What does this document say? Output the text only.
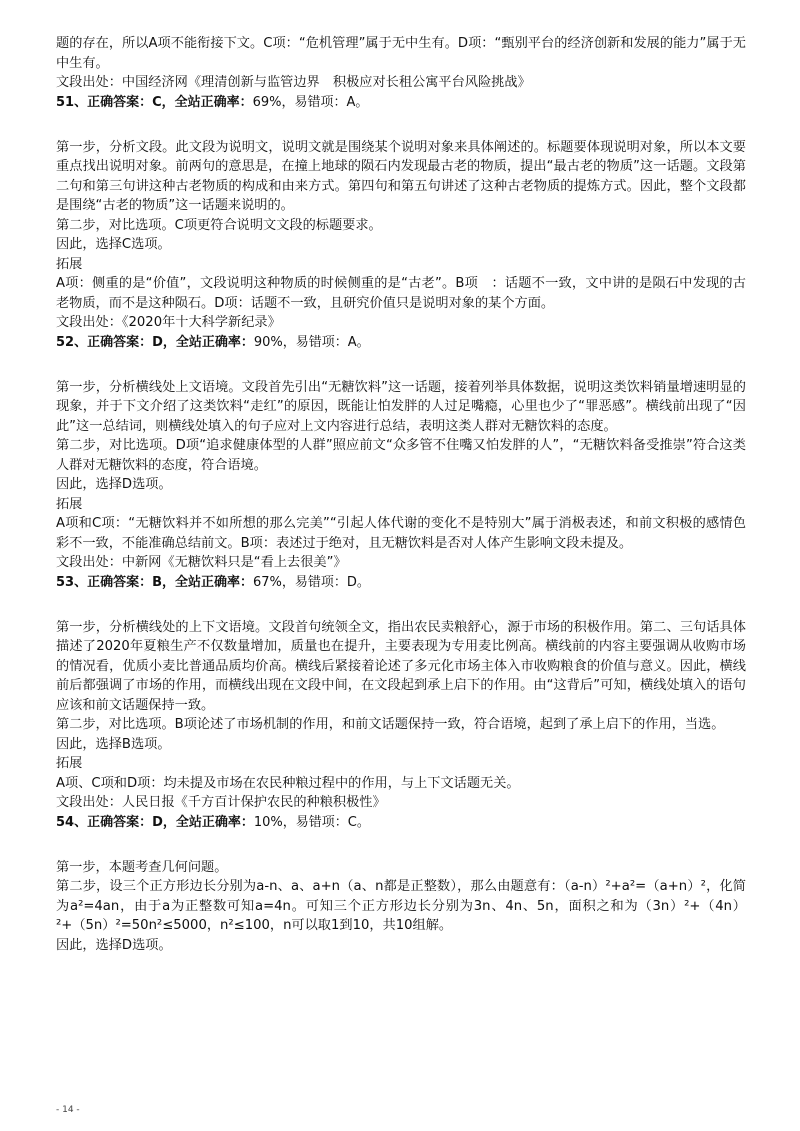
题的存在，所以A项不能衔接下文。C项：“危机管理”属于无中生有。D项：“甄别平台的经济创新和发展的能力”属于无中生有。

文段出处：中国经济网《理清创新与监管边界　积极应对长租公寓平台风险挑战》

51、正确答案：C，全站正确率：69%，易错项：A。

第一步，分析文段。此文段为说明文，说明文就是围绕某个说明对象来具体阐述的。标题要体现说明对象，所以本文要重点找出说明对象。前两句的意思是，在撞上地球的陨石内发现最古老的物质，提出“最古老的物质”这一话题。文段第二句和第三句讲这种古老物质的构成和由来方式。第四句和第五句讲述了这种古老物质的提炼方式。因此，整个文段都是围绕“古老的物质”这一话题来说明的。

第二步，对比选项。C项更符合说明文文段的标题要求。

因此，选择C选项。

拓展

A项：侧重的是“价值”，文段说明这种物质的时候侧重的是“古老”。B项　：话题不一致，文中讲的是陨石中发现的古老物质，而不是这种陨石。D项：话题不一致，且研究价值只是说明对象的某个方面。

文段出处：《2020年十大科学新纪录》

52、正确答案：D，全站正确率：90%，易错项：A。

第一步，分析横线处上文语境。文段首先引出“无糖饮料”这一话题，接着列举具体数据，说明这类饮料销量增速明显的现象，并于下文介绍了这类饮料“走红”的原因，既能让怕发胖的人过足嘴瘾，心里也少了“罪恶感”。横线前出现了“因此”这一总结词，则横线处填入的句子应对上文内容进行总结，表明这类人群对无糖饮料的态度。

第二步，对比选项。D项“追求健康体型的人群”照应前文“众多管不住嘴又怕发胖的人”，“无糖饮料备受推崇”符合这类人群对无糖饮料的态度，符合语境。

因此，选择D选项。

拓展

A项和C项：“无糖饮料并不如所想的那么完美”“引起人体代谢的变化不是特别大”属于消极表述，和前文积极的感情色彩不一致，不能准确总结前文。B项：表述过于绝对，且无糖饮料是否对人体产生影响文段未提及。

文段出处：中新网《无糖饮料只是“看上去很美”》

53、正确答案：B，全站正确率：67%，易错项：D。

第一步，分析横线处的上下文语境。文段首句统领全文，指出农民卖粮舒心，源于市场的积极作用。第二、三句话具体描述了2020年夏粮生产不仅数量增加，质量也在提升，主要表现为专用麦比例高。横线前的内容主要强调从收购市场的情况看，优质小麦比普通品质均价高。横线后紧接着论述了多元化市场主体入市收购粮食的价值与意义。因此，横线前后都强调了市场的作用，而横线出现在文段中间，在文段起到承上启下的作用。由“这背后”可知，横线处填入的语句应该和前文话题保持一致。

第二步，对比选项。B项论述了市场机制的作用，和前文话题保持一致，符合语境，起到了承上启下的作用，当选。

因此，选择B选项。

拓展

A项、C项和D项：均未提及市场在农民种粮过程中的作用，与上下文话题无关。

文段出处：人民日报《千方百计保护农民的种粮积极性》

54、正确答案：D，全站正确率：10%，易错项：C。

第一步，本题考查几何问题。

第二步，设三个正方形边长分别为a-n、a、a+n（a、n都是正整数），那么由题意有：（a-n）²+a²=（a+n）²，化简为a²=4an，由于a为正整数可知a=4n。可知三个正方形边长分别为3n、4n、5n，面积之和为（3n）²+（4n）²+（5n）²=50n²≤5000，n²≤100，n可以取1到10，共10组解。

因此，选择D选项。

- 14 -
